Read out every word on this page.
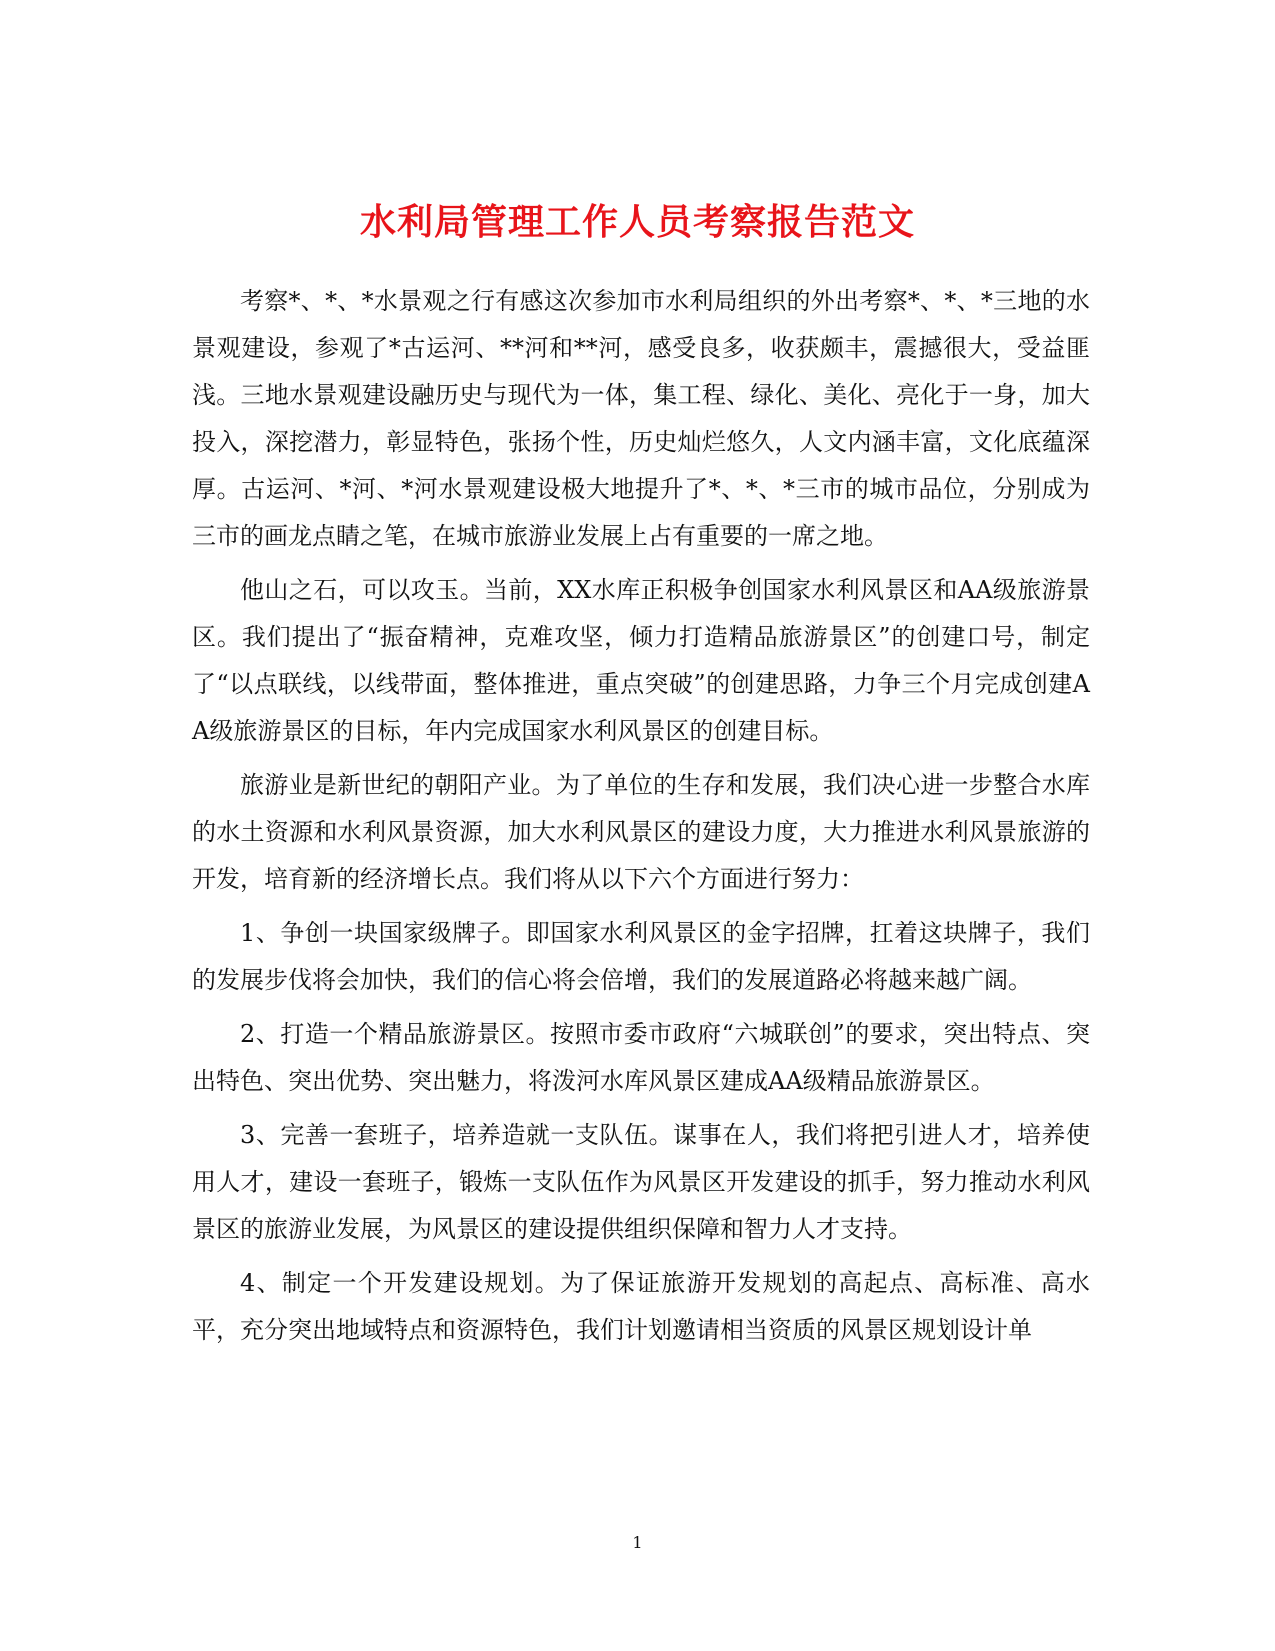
水利局管理工作人员考察报告范文

考察*、*、*水景观之行有感这次参加市水利局组织的外出考察*、*、*三地的水景观建设，参观了*古运河、**河和**河，感受良多，收获颇丰，震撼很大，受益匪浅。三地水景观建设融历史与现代为一体，集工程、绿化、美化、亮化于一身，加大投入，深挖潜力，彰显特色，张扬个性，历史灿烂悠久，人文内涵丰富，文化底蕴深厚。古运河、*河、*河水景观建设极大地提升了*、*、*三市的城市品位，分别成为三市的画龙点睛之笔，在城市旅游业发展上占有重要的一席之地。

他山之石，可以攻玉。当前，XX水库正积极争创国家水利风景区和AA级旅游景区。我们提出了“振奋精神，克难攻坚，倾力打造精品旅游景区”的创建口号，制定了“以点联线，以线带面，整体推进，重点突破”的创建思路，力争三个月完成创建AA级旅游景区的目标，年内完成国家水利风景区的创建目标。

旅游业是新世纪的朝阳产业。为了单位的生存和发展，我们决心进一步整合水库的水土资源和水利风景资源，加大水利风景区的建设力度，大力推进水利风景旅游的开发，培育新的经济增长点。我们将从以下六个方面进行努力：

1、争创一块国家级牌子。即国家水利风景区的金字招牌，扛着这块牌子，我们的发展步伐将会加快，我们的信心将会倍增，我们的发展道路必将越来越广阔。

2、打造一个精品旅游景区。按照市委市政府“六城联创”的要求，突出特点、突出特色、突出优势、突出魅力，将泼河水库风景区建成AA级精品旅游景区。

3、完善一套班子，培养造就一支队伍。谋事在人，我们将把引进人才，培养使用人才，建设一套班子，锻炼一支队伍作为风景区开发建设的抓手，努力推动水利风景区的旅游业发展，为风景区的建设提供组织保障和智力人才支持。

4、制定一个开发建设规划。为了保证旅游开发规划的高起点、高标准、高水平，充分突出地域特点和资源特色，我们计划邀请相当资质的风景区规划设计单

1
